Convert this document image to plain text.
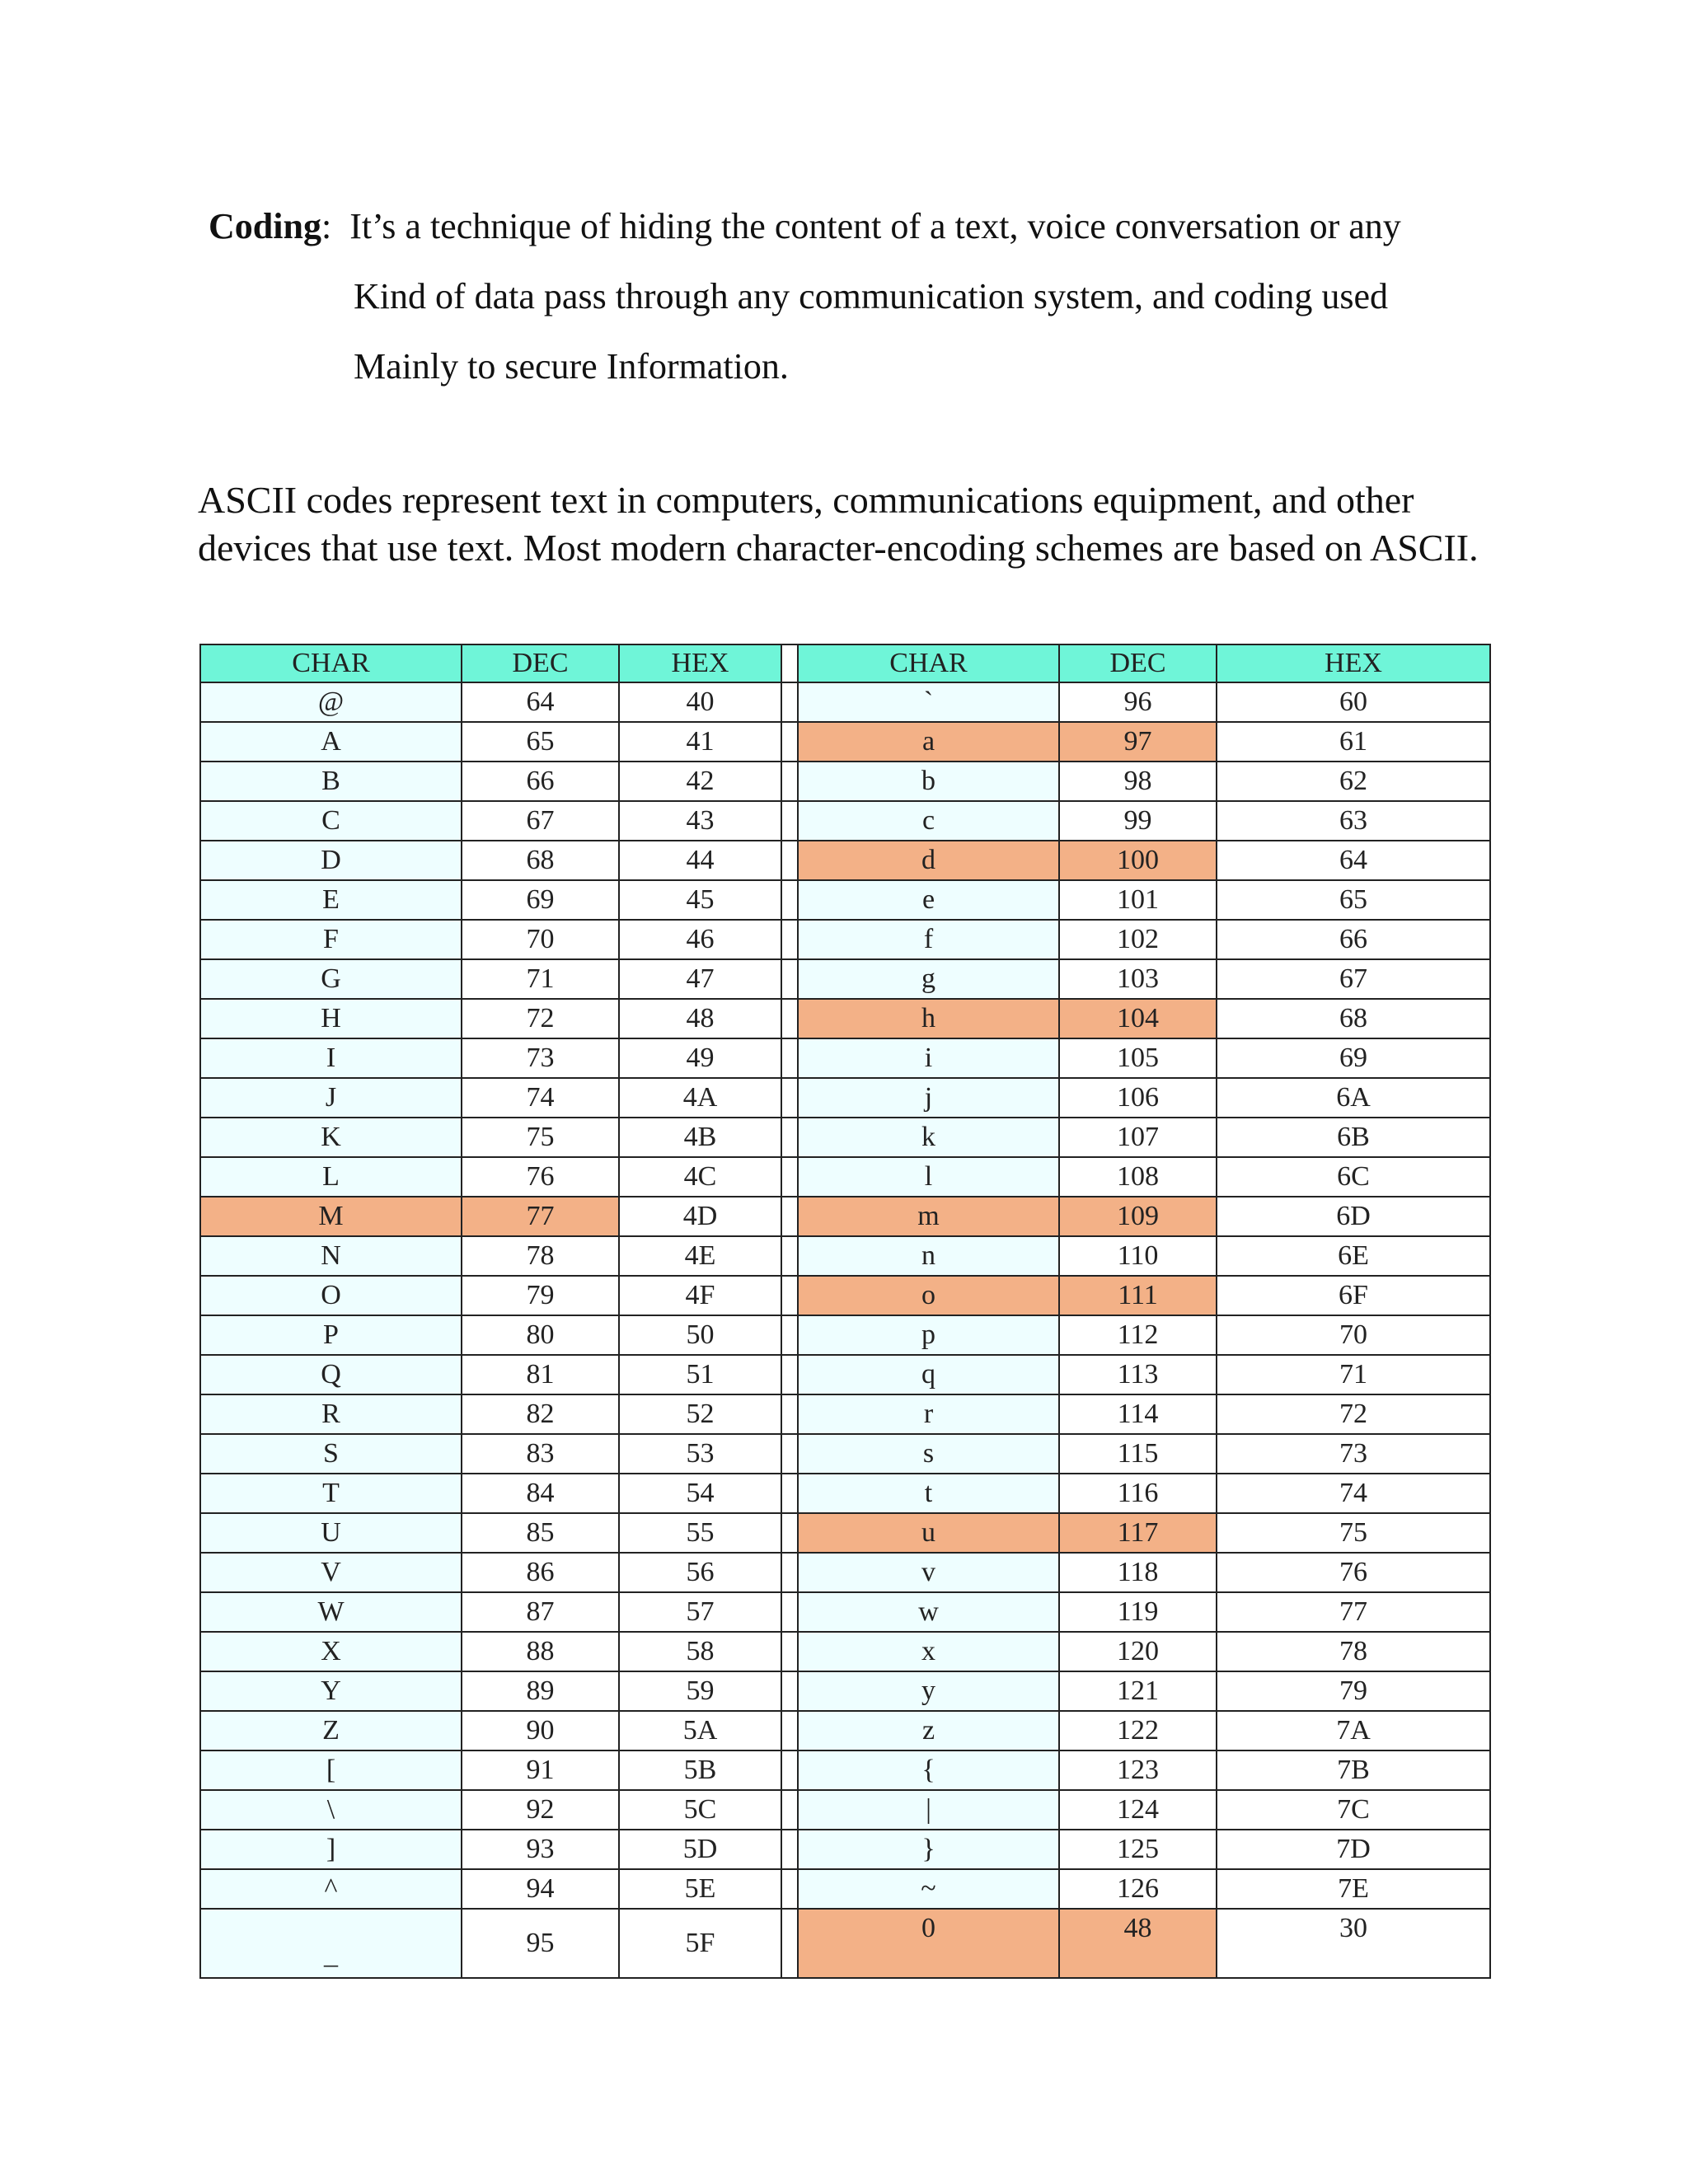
Coding: It’s a technique of hiding the content of a text, voice conversation or any
Kind of data pass through any communication system, and coding used
Mainly to secure Information.
ASCII codes represent text in computers, communications equipment, and other devices that use text. Most modern character-encoding schemes are based on ASCII.
CHAR	DEC	HEX		CHAR	DEC	HEX
@	64	40		`	96	60
A	65	41		a	97	61
B	66	42		b	98	62
C	67	43		c	99	63
D	68	44		d	100	64
E	69	45		e	101	65
F	70	46		f	102	66
G	71	47		g	103	67
H	72	48		h	104	68
I	73	49		i	105	69
J	74	4A		j	106	6A
K	75	4B		k	107	6B
L	76	4C		l	108	6C
M	77	4D		m	109	6D
N	78	4E		n	110	6E
O	79	4F		o	111	6F
P	80	50		p	112	70
Q	81	51		q	113	71
R	82	52		r	114	72
S	83	53		s	115	73
T	84	54		t	116	74
U	85	55		u	117	75
V	86	56		v	118	76
W	87	57		w	119	77
X	88	58		x	120	78
Y	89	59		y	121	79
Z	90	5A		z	122	7A
[	91	5B		{	123	7B
\	92	5C		|	124	7C
]	93	5D		}	125	7D
^	94	5E		~	126	7E
_	95	5F		0	48	30
